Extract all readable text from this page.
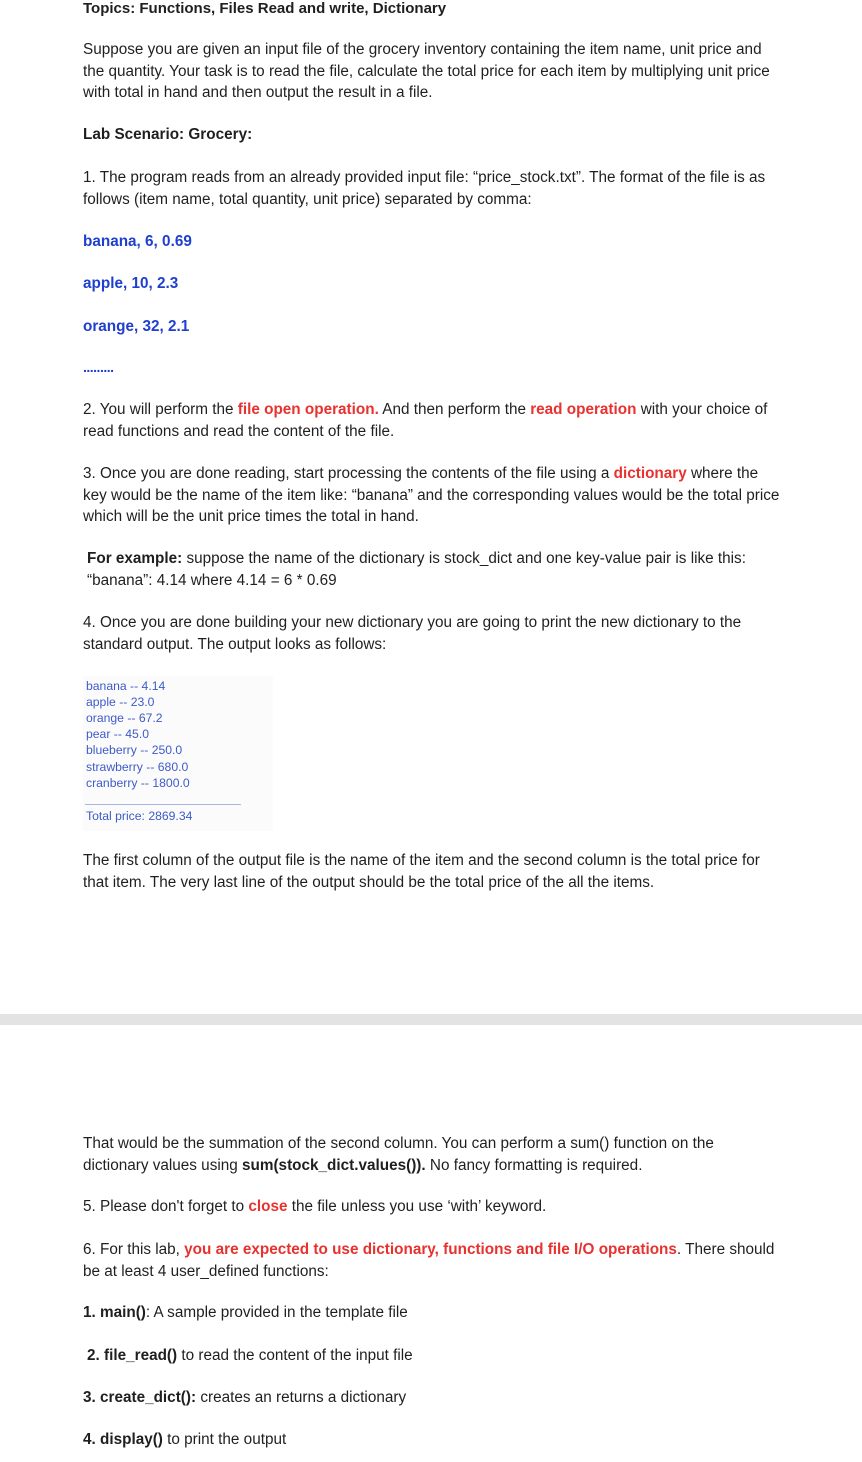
Topics: Functions, Files Read and write, Dictionary

Suppose you are given an input file of the grocery inventory containing the item name, unit price and the quantity. Your task is to read the file, calculate the total price for each item by multiplying unit price with total in hand and then output the result in a file.

Lab Scenario: Grocery:

1. The program reads from an already provided input file: “price_stock.txt”. The format of the file is as follows (item name, total quantity, unit price) separated by comma:

banana, 6, 0.69

apple, 10, 2.3

orange, 32, 2.1

.........

2. You will perform the file open operation. And then perform the read operation with your choice of read functions and read the content of the file.

3. Once you are done reading, start processing the contents of the file using a dictionary where the key would be the name of the item like: “banana” and the corresponding values would be the total price which will be the unit price times the total in hand.

For example: suppose the name of the dictionary is stock_dict and one key-value pair is like this: “banana”: 4.14 where 4.14 = 6 * 0.69

4. Once you are done building your new dictionary you are going to print the new dictionary to the standard output. The output looks as follows:

banana -- 4.14
apple -- 23.0
orange -- 67.2
pear -- 45.0
blueberry -- 250.0
strawberry -- 680.0
cranberry -- 1800.0
Total price: 2869.34

The first column of the output file is the name of the item and the second column is the total price for that item. The very last line of the output should be the total price of the all the items.

That would be the summation of the second column. You can perform a sum() function on the dictionary values using sum(stock_dict.values()). No fancy formatting is required.

5. Please don't forget to close the file unless you use ‘with’ keyword.

6. For this lab, you are expected to use dictionary, functions and file I/O operations. There should be at least 4 user_defined functions:

1. main(): A sample provided in the template file

2. file_read() to read the content of the input file

3. create_dict(): creates an returns a dictionary

4. display() to print the output
